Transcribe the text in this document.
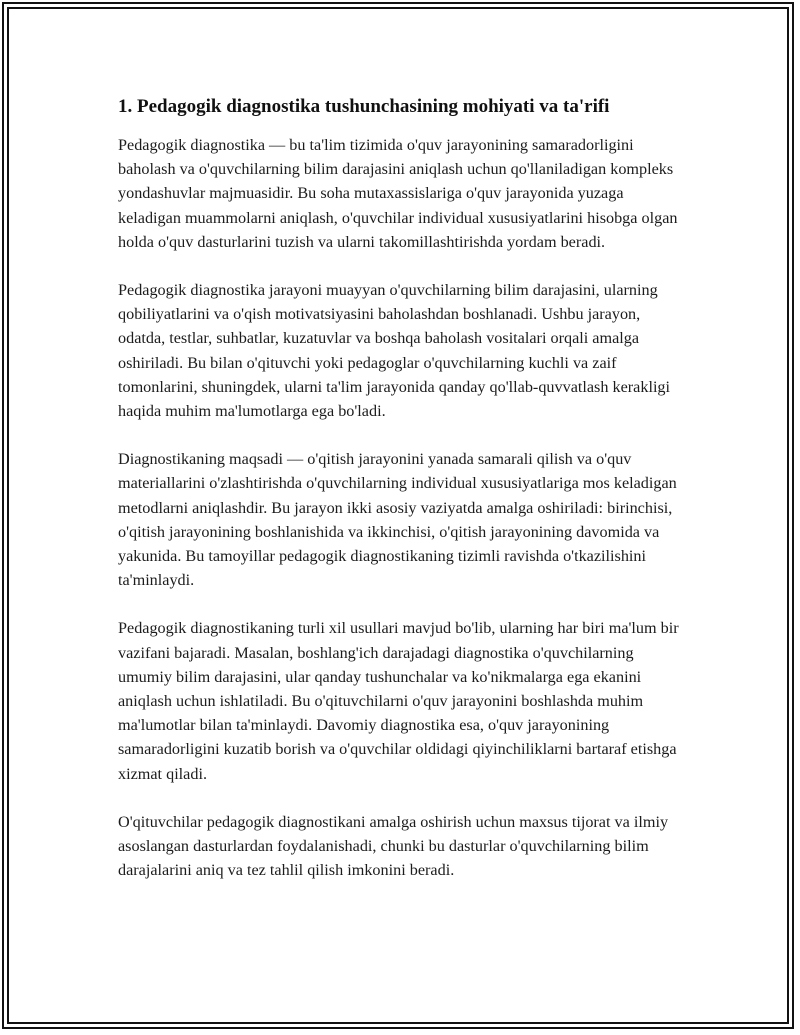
1. Pedagogik diagnostika tushunchasining mohiyati va ta'rifi

Pedagogik diagnostika — bu ta'lim tizimida o'quv jarayonining samaradorligini baholash va o'quvchilarning bilim darajasini aniqlash uchun qo'llaniladigan kompleks yondashuvlar majmuasidir. Bu soha mutaxassislariga o'quv jarayonida yuzaga keladigan muammolarni aniqlash, o'quvchilar individual xususiyatlarini hisobga olgan holda o'quv dasturlarini tuzish va ularni takomillashtirishda yordam beradi.

Pedagogik diagnostika jarayoni muayyan o'quvchilarning bilim darajasini, ularning qobiliyatlarini va o'qish motivatsiyasini baholashdan boshlanadi. Ushbu jarayon, odatda, testlar, suhbatlar, kuzatuvlar va boshqa baholash vositalari orqali amalga oshiriladi. Bu bilan o'qituvchi yoki pedagoglar o'quvchilarning kuchli va zaif tomonlarini, shuningdek, ularni ta'lim jarayonida qanday qo'llab-quvvatlash kerakligi haqida muhim ma'lumotlarga ega bo'ladi.

Diagnostikaning maqsadi — o'qitish jarayonini yanada samarali qilish va o'quv materiallarini o'zlashtirishda o'quvchilarning individual xususiyatlariga mos keladigan metodlarni aniqlashdir. Bu jarayon ikki asosiy vaziyatda amalga oshiriladi: birinchisi, o'qitish jarayonining boshlanishida va ikkinchisi, o'qitish jarayonining davomida va yakunida. Bu tamoyillar pedagogik diagnostikaning tizimli ravishda o'tkazilishini ta'minlaydi.

Pedagogik diagnostikaning turli xil usullari mavjud bo'lib, ularning har biri ma'lum bir vazifani bajaradi. Masalan, boshlang'ich darajadagi diagnostika o'quvchilarning umumiy bilim darajasini, ular qanday tushunchalar va ko'nikmalarga ega ekanini aniqlash uchun ishlatiladi. Bu o'qituvchilarni o'quv jarayonini boshlashda muhim ma'lumotlar bilan ta'minlaydi. Davomiy diagnostika esa, o'quv jarayonining samaradorligini kuzatib borish va o'quvchilar oldidagi qiyinchiliklarni bartaraf etishga xizmat qiladi.

O'qituvchilar pedagogik diagnostikani amalga oshirish uchun maxsus tijorat va ilmiy asoslangan dasturlardan foydalanishadi, chunki bu dasturlar o'quvchilarning bilim darajalarini aniq va tez tahlil qilish imkonini beradi.
